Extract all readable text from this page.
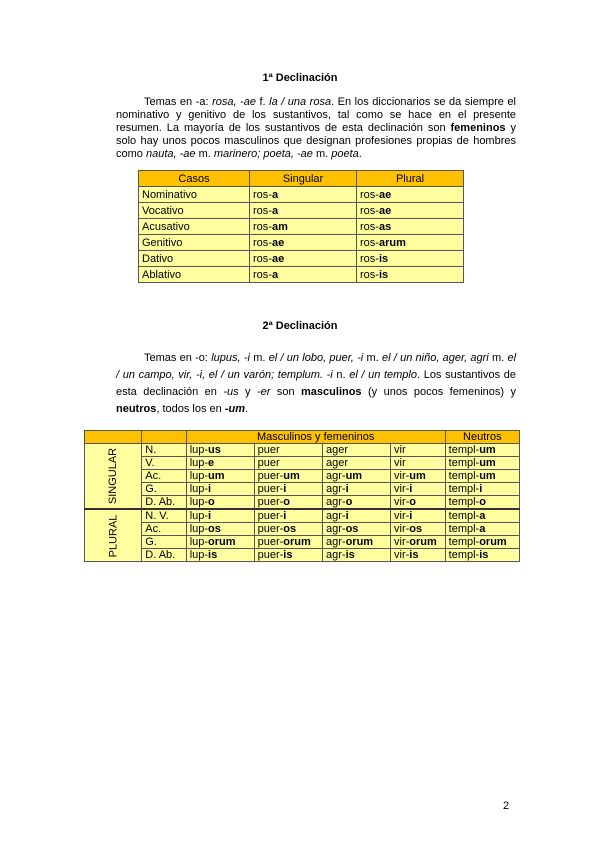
1ª Declinación

Temas en -a: rosa, -ae f. la / una rosa. En los diccionarios se da siempre el nominativo y genitivo de los sustantivos, tal como se hace en el presente resumen. La mayoría de los sustantivos de esta declinación son femeninos y solo hay unos pocos masculinos que designan profesiones propias de hombres como nauta, -ae m. marinero; poeta, -ae m. poeta.

Casos	Singular	Plural
Nominativo	ros-a	ros-ae
Vocativo	ros-a	ros-ae
Acusativo	ros-am	ros-as
Genitivo	ros-ae	ros-arum
Dativo	ros-ae	ros-is
Ablativo	ros-a	ros-is
2ª Declinación

Temas en -o: lupus, -i m. el / un lobo, puer, -i m. el / un niño, ager, agri m. el / un campo, vir, -i, el / un varón; templum. -i n. el / un templo. Los sustantivos de esta declinación en -us y -er son masculinos (y unos pocos femeninos) y neutros, todos los en -um.

		Masculinos y femeninos				Neutros
SINGULAR	N.	lup-us	puer	ager	vir	templ-um
	V.	lup-e	puer	ager	vir	templ-um
	Ac.	lup-um	puer-um	agr-um	vir-um	templ-um
	G.	lup-i	puer-i	agr-i	vir-i	templ-i
	D. Ab.	lup-o	puer-o	agr-o	vir-o	templ-o
PLURAL	N. V.	lup-i	puer-i	agr-i	vir-i	templ-a
	Ac.	lup-os	puer-os	agr-os	vir-os	templ-a
	G.	lup-orum	puer-orum	agr-orum	vir-orum	templ-orum
	D. Ab.	lup-is	puer-is	agr-is	vir-is	templ-is
2
